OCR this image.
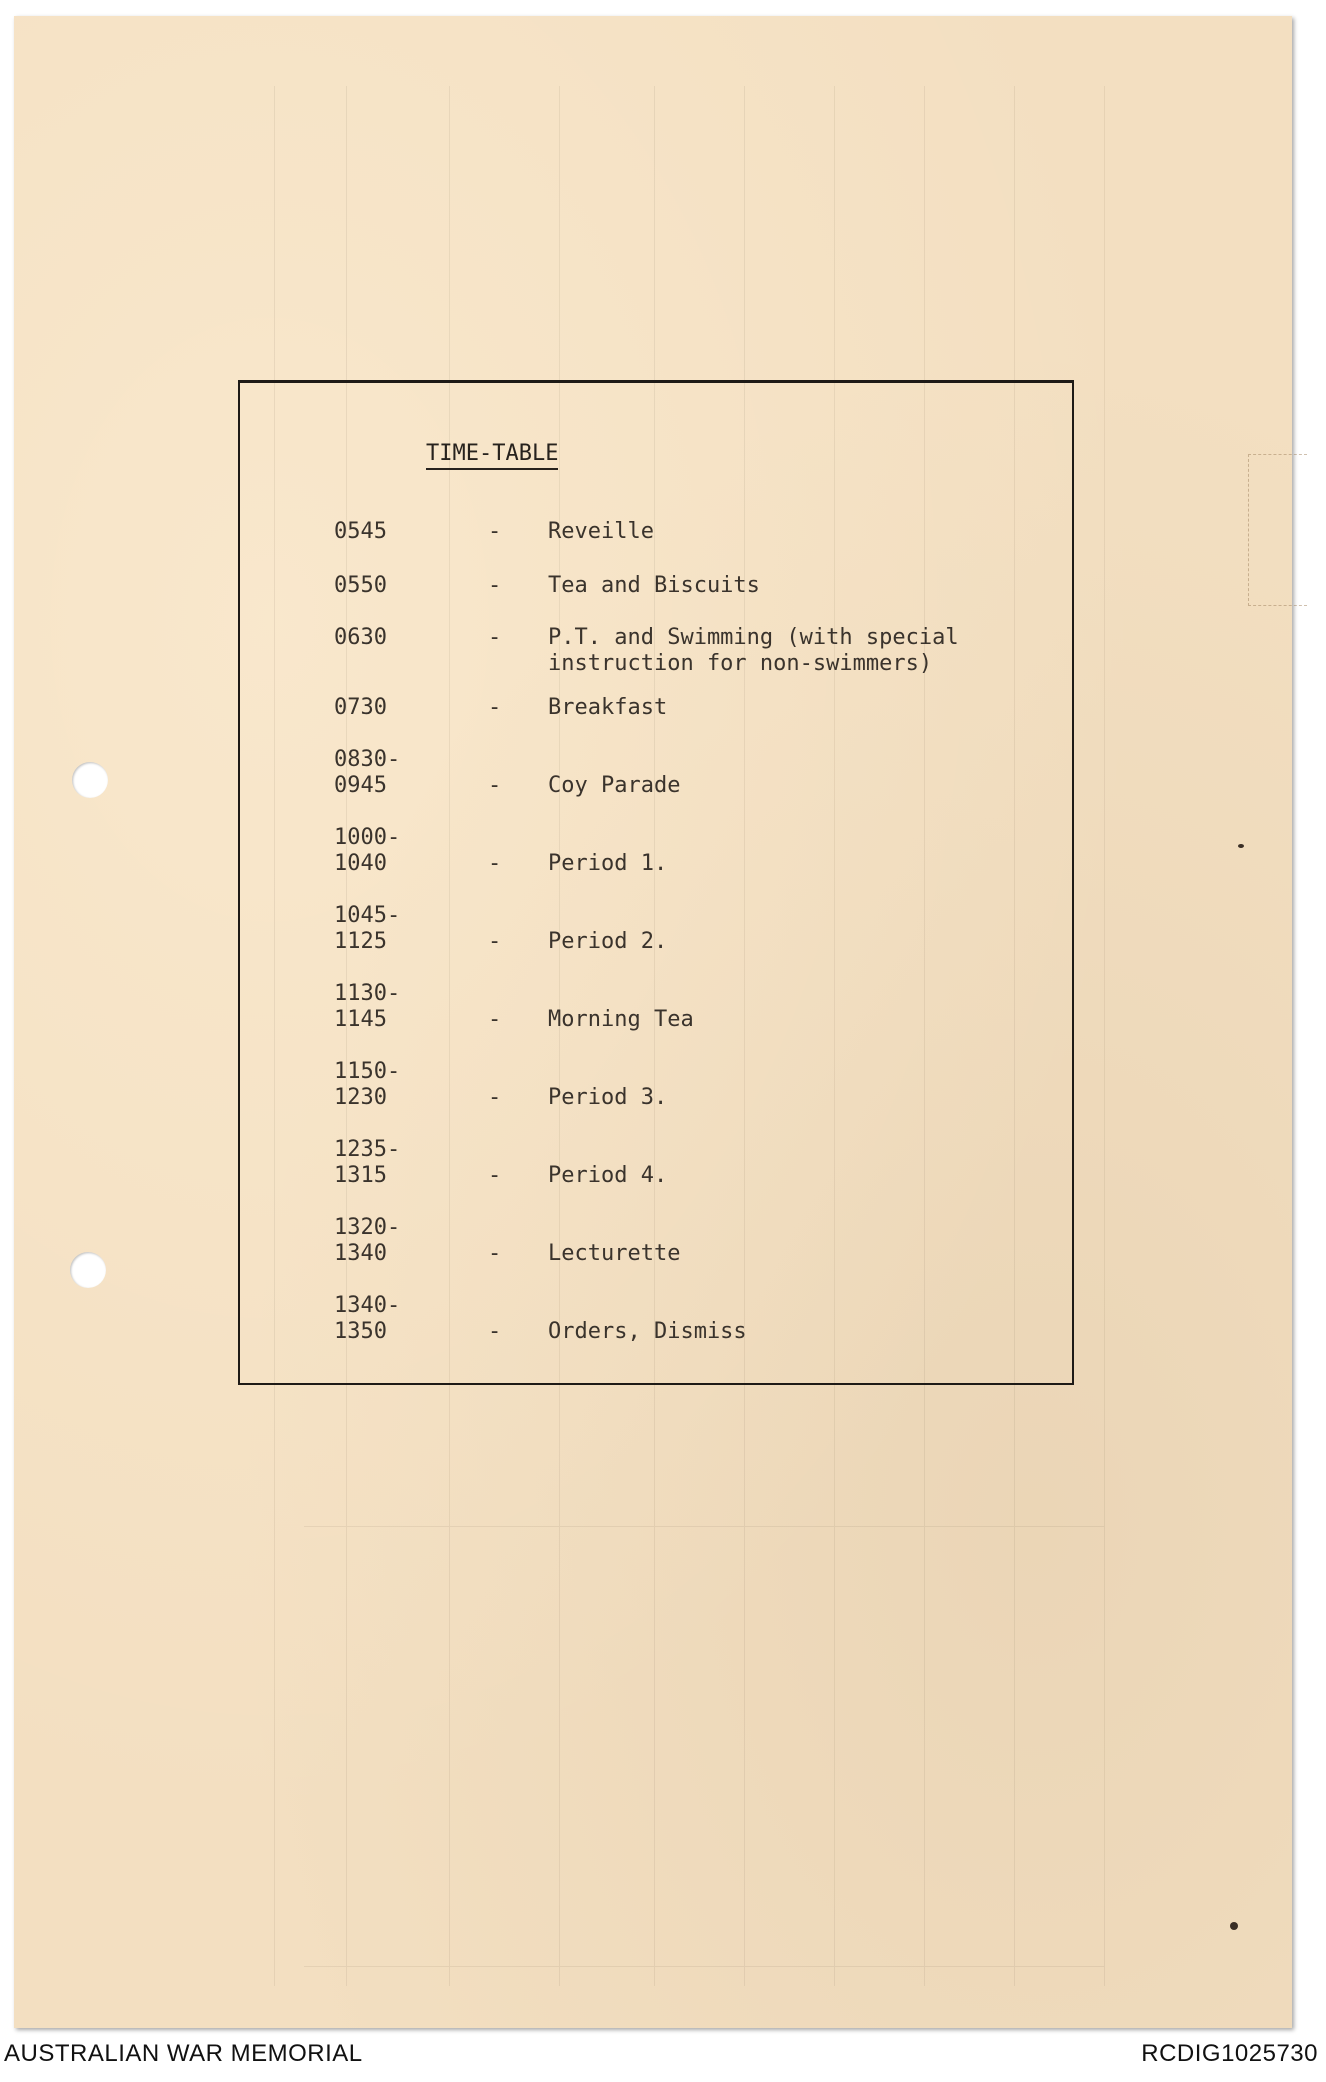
TIME-TABLE
0545	- Reveille
0550	- Tea and Biscuits
0630	- P.T. and Swimming (with special
instruction for non-swimmers)
0730	- Breakfast
0830-
0945	- Coy Parade
1000-
1040	- Period 1.
1045-
1125	- Period 2.
1130-
1145	- Morning Tea
1150-
1230	- Period 3.
1235-
1315	- Period 4.
1320-
1340	- Lecturette
1340-
1350	- Orders, Dismiss
AUSTRALIAN WAR MEMORIAL	RCDIG1025730
